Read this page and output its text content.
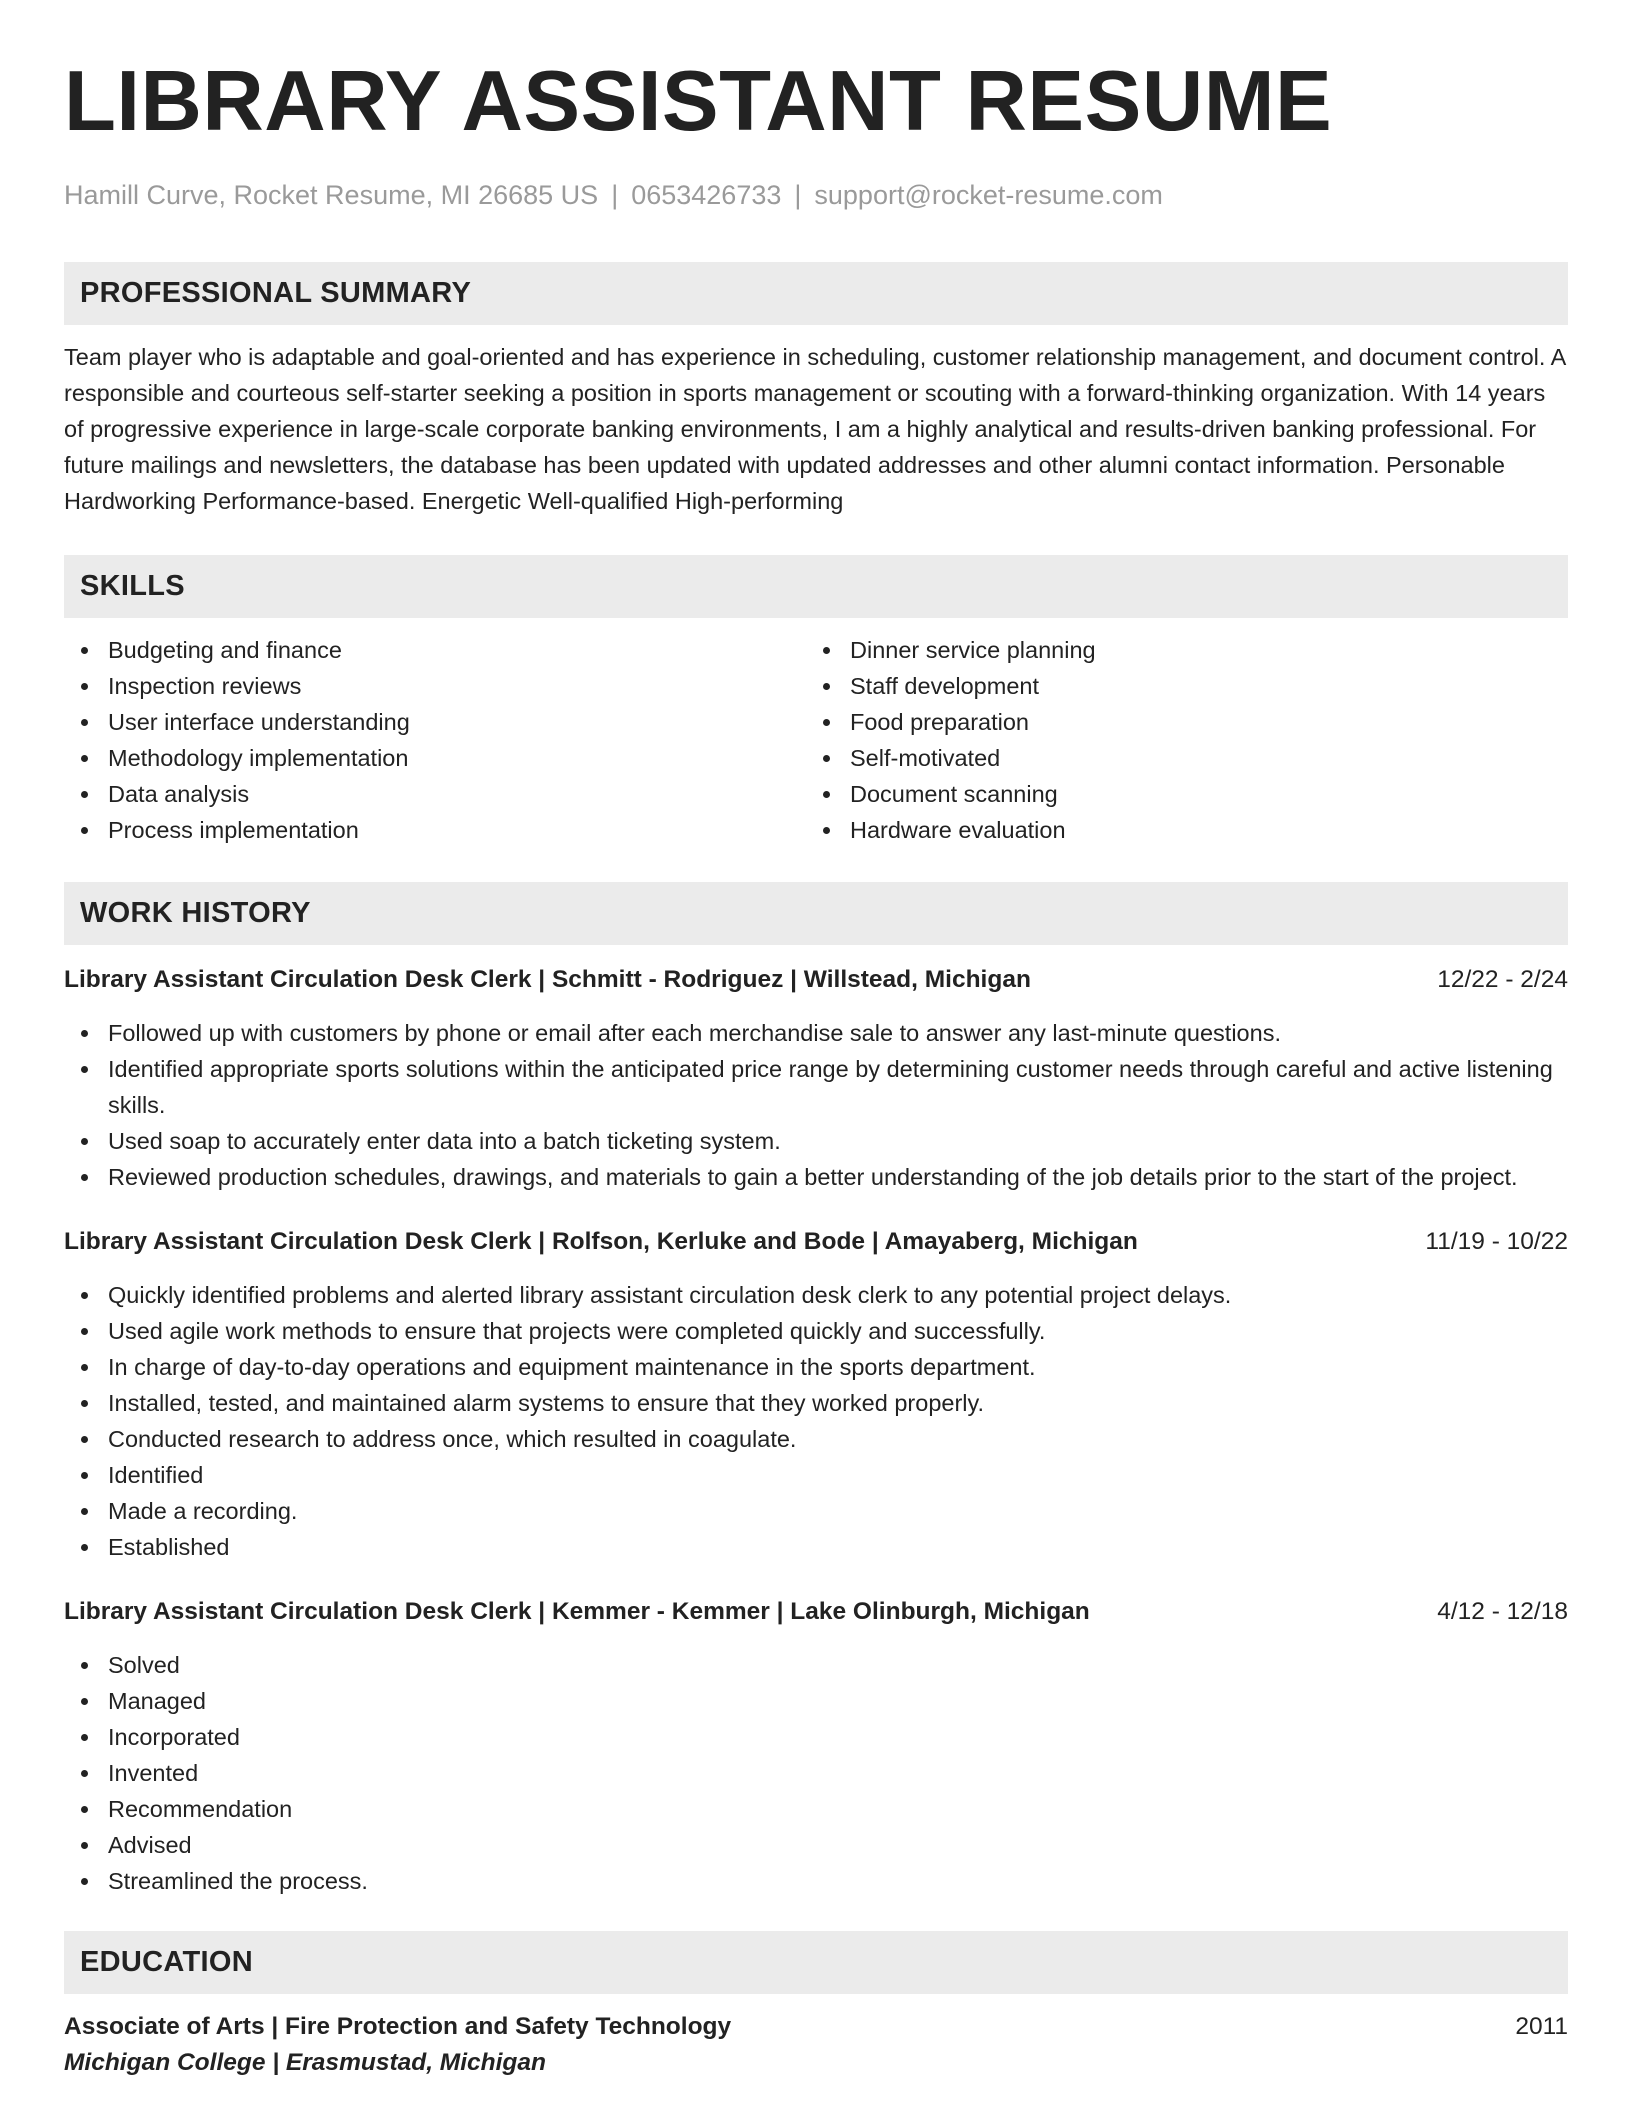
LIBRARY ASSISTANT RESUME
Hamill Curve, Rocket Resume, MI 26685 US | 0653426733 | support@rocket-resume.com
PROFESSIONAL SUMMARY
Team player who is adaptable and goal-oriented and has experience in scheduling, customer relationship management, and document control. A responsible and courteous self-starter seeking a position in sports management or scouting with a forward-thinking organization. With 14 years of progressive experience in large-scale corporate banking environments, I am a highly analytical and results-driven banking professional. For future mailings and newsletters, the database has been updated with updated addresses and other alumni contact information. Personable Hardworking Performance-based. Energetic Well-qualified High-performing
SKILLS
Budgeting and finance
Inspection reviews
User interface understanding
Methodology implementation
Data analysis
Process implementation
Dinner service planning
Staff development
Food preparation
Self-motivated
Document scanning
Hardware evaluation
WORK HISTORY
Library Assistant Circulation Desk Clerk | Schmitt - Rodriguez | Willstead, Michigan	12/22 - 2/24
Followed up with customers by phone or email after each merchandise sale to answer any last-minute questions.
Identified appropriate sports solutions within the anticipated price range by determining customer needs through careful and active listening skills.
Used soap to accurately enter data into a batch ticketing system.
Reviewed production schedules, drawings, and materials to gain a better understanding of the job details prior to the start of the project.
Library Assistant Circulation Desk Clerk | Rolfson, Kerluke and Bode | Amayaberg, Michigan	11/19 - 10/22
Quickly identified problems and alerted library assistant circulation desk clerk to any potential project delays.
Used agile work methods to ensure that projects were completed quickly and successfully.
In charge of day-to-day operations and equipment maintenance in the sports department.
Installed, tested, and maintained alarm systems to ensure that they worked properly.
Conducted research to address once, which resulted in coagulate.
Identified
Made a recording.
Established
Library Assistant Circulation Desk Clerk | Kemmer - Kemmer | Lake Olinburgh, Michigan	4/12 - 12/18
Solved
Managed
Incorporated
Invented
Recommendation
Advised
Streamlined the process.
EDUCATION
Associate of Arts | Fire Protection and Safety Technology	2011
Michigan College | Erasmustad, Michigan
